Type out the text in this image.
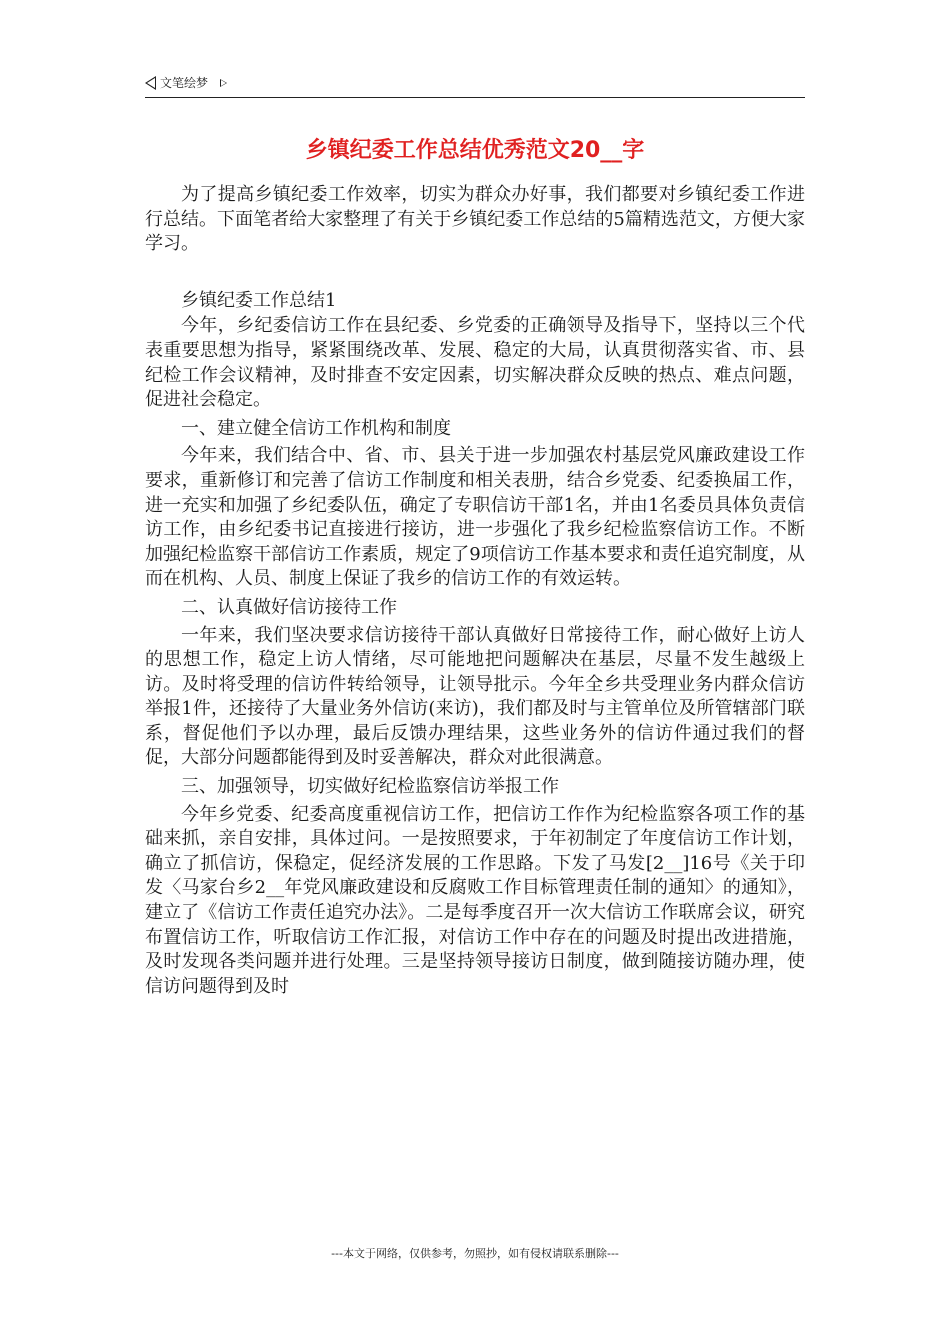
文笔绘梦
乡镇纪委工作总结优秀范文20__字

为了提高乡镇纪委工作效率，切实为群众办好事，我们都要对乡镇纪委工作进行总结。下面笔者给大家整理了有关于乡镇纪委工作总结的5篇精选范文，方便大家学习。

乡镇纪委工作总结1

今年，乡纪委信访工作在县纪委、乡党委的正确领导及指导下，坚持以三个代表重要思想为指导，紧紧围绕改革、发展、稳定的大局，认真贯彻落实省、市、县纪检工作会议精神，及时排查不安定因素，切实解决群众反映的热点、难点问题，促进社会稳定。

一、建立健全信访工作机构和制度

今年来，我们结合中、省、市、县关于进一步加强农村基层党风廉政建设工作要求，重新修订和完善了信访工作制度和相关表册，结合乡党委、纪委换届工作，进一充实和加强了乡纪委队伍，确定了专职信访干部1名，并由1名委员具体负责信访工作，由乡纪委书记直接进行接访，进一步强化了我乡纪检监察信访工作。不断加强纪检监察干部信访工作素质，规定了9项信访工作基本要求和责任追究制度，从而在机构、人员、制度上保证了我乡的信访工作的有效运转。

二、认真做好信访接待工作

一年来，我们坚决要求信访接待干部认真做好日常接待工作，耐心做好上访人的思想工作，稳定上访人情绪，尽可能地把问题解决在基层，尽量不发生越级上访。及时将受理的信访件转给领导，让领导批示。今年全乡共受理业务内群众信访举报1件，还接待了大量业务外信访(来访)，我们都及时与主管单位及所管辖部门联系，督促他们予以办理，最后反馈办理结果，这些业务外的信访件通过我们的督促，大部分问题都能得到及时妥善解决，群众对此很满意。

三、加强领导，切实做好纪检监察信访举报工作

今年乡党委、纪委高度重视信访工作，把信访工作作为纪检监察各项工作的基础来抓，亲自安排，具体过问。一是按照要求，于年初制定了年度信访工作计划，确立了抓信访，保稳定，促经济发展的工作思路。下发了马发[2__]16号《关于印发〈马家台乡2__年党风廉政建设和反腐败工作目标管理责任制的通知〉的通知》，建立了《信访工作责任追究办法》。二是每季度召开一次大信访工作联席会议，研究布置信访工作，听取信访工作汇报，对信访工作中存在的问题及时提出改进措施，及时发现各类问题并进行处理。三是坚持领导接访日制度，做到随接访随办理，使信访问题得到及时

---本文于网络，仅供参考，勿照抄，如有侵权请联系删除---
